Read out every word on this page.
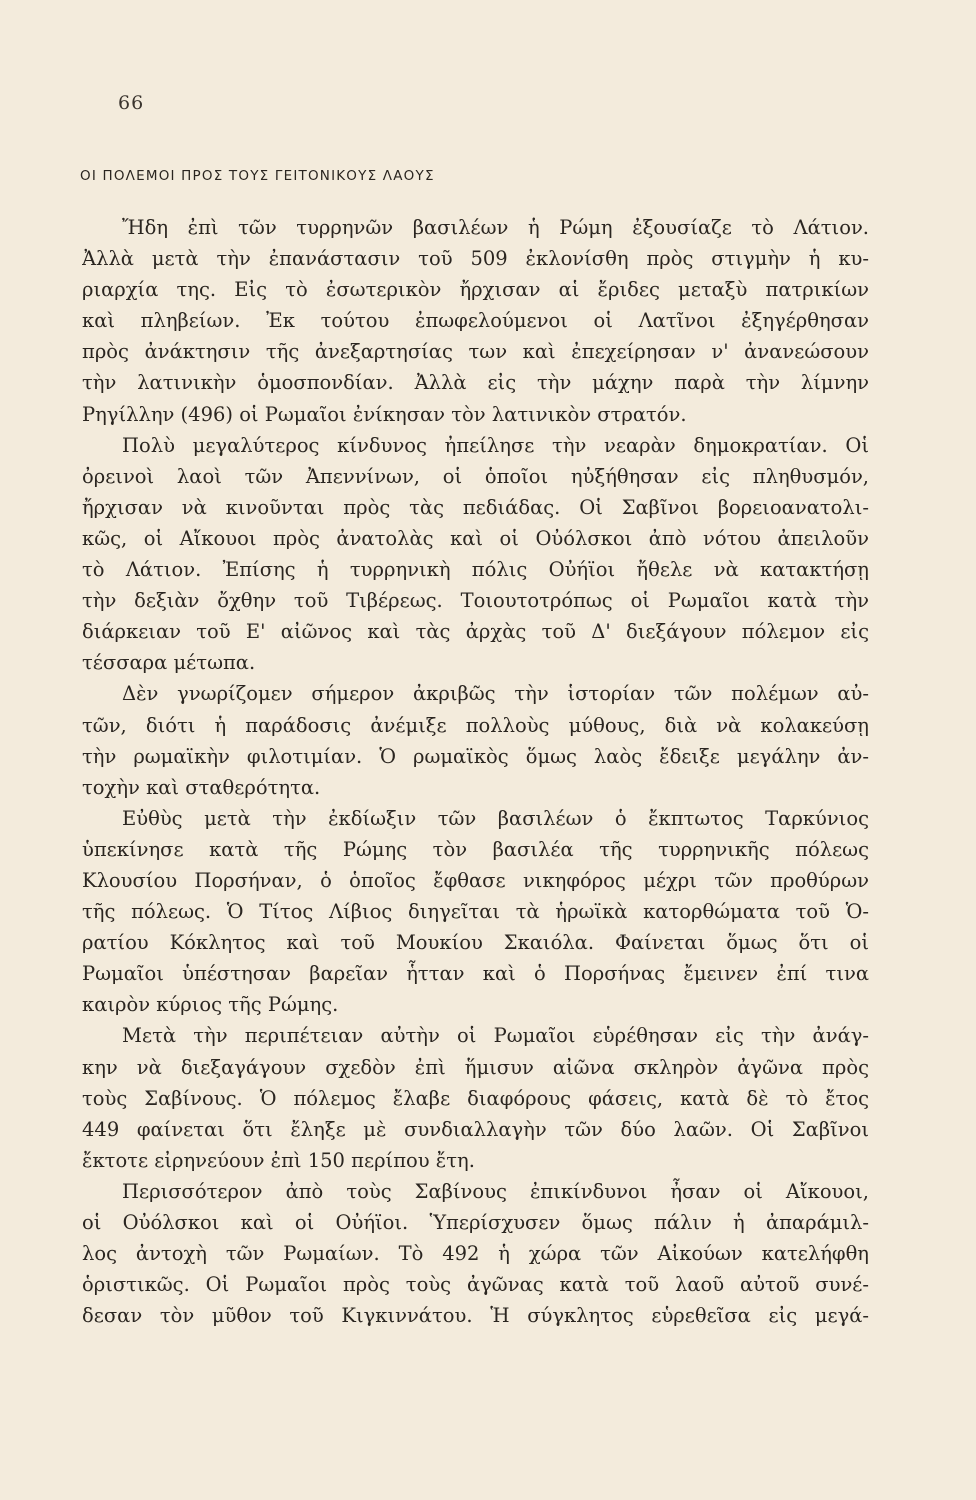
66
ΟΙ ΠΟΛΕΜΟΙ ΠΡΟΣ ΤΟΥΣ ΓΕΙΤΟΝΙΚΟΥΣ ΛΑΟΥΣ
Ἤδη ἐπὶ τῶν τυρρηνῶν βασιλέων ἡ Ρώμη ἐξουσίαζε τὸ Λάτιον.
Ἀλλὰ μετὰ τὴν ἐπανάστασιν τοῦ 509 ἐκλονίσθη πρὸς στιγμὴν ἡ κυ-
ριαρχία της. Εἰς τὸ ἐσωτερικὸν ἤρχισαν αἱ ἔριδες μεταξὺ πατρικίων
καὶ πληβείων. Ἐκ τούτου ἐπωφελούμενοι οἱ Λατῖνοι ἐξηγέρθησαν
πρὸς ἀνάκτησιν τῆς ἀνεξαρτησίας των καὶ ἐπεχείρησαν ν' ἀνανεώσουν
τὴν λατινικὴν ὁμοσπονδίαν. Ἀλλὰ εἰς τὴν μάχην παρὰ τὴν λίμνην
Ρηγίλλην (496) οἱ Ρωμαῖοι ἐνίκησαν τὸν λατινικὸν στρατόν.
Πολὺ μεγαλύτερος κίνδυνος ἠπείλησε τὴν νεαρὰν δημοκρατίαν. Οἱ
ὀρεινοὶ λαοὶ τῶν Ἀπεννίνων, οἱ ὁποῖοι ηὐξήθησαν εἰς πληθυσμόν,
ἤρχισαν νὰ κινοῦνται πρὸς τὰς πεδιάδας. Οἱ Σαβῖνοι βορειοανατολι-
κῶς, οἱ Αἴκουοι πρὸς ἀνατολὰς καὶ οἱ Οὐόλσκοι ἀπὸ νότου ἀπειλοῦν
τὸ Λάτιον. Ἐπίσης ἡ τυρρηνικὴ πόλις Οὐήϊοι ἤθελε νὰ κατακτήσῃ
τὴν δεξιὰν ὄχθην τοῦ Τιβέρεως. Τοιουτοτρόπως οἱ Ρωμαῖοι κατὰ τὴν
διάρκειαν τοῦ Ε' αἰῶνος καὶ τὰς ἀρχὰς τοῦ Δ' διεξάγουν πόλεμον εἰς
τέσσαρα μέτωπα.
Δὲν γνωρίζομεν σήμερον ἀκριβῶς τὴν ἱστορίαν τῶν πολέμων αὐ-
τῶν, διότι ἡ παράδοσις ἀνέμιξε πολλοὺς μύθους, διὰ νὰ κολακεύσῃ
τὴν ρωμαϊκὴν φιλοτιμίαν. Ὁ ρωμαϊκὸς ὅμως λαὸς ἔδειξε μεγάλην ἀν-
τοχὴν καὶ σταθερότητα.
Εὐθὺς μετὰ τὴν ἐκδίωξιν τῶν βασιλέων ὁ ἔκπτωτος Ταρκύνιος
ὑπεκίνησε κατὰ τῆς Ρώμης τὸν βασιλέα τῆς τυρρηνικῆς πόλεως
Κλουσίου Πορσήναν, ὁ ὁποῖος ἔφθασε νικηφόρος μέχρι τῶν προθύρων
τῆς πόλεως. Ὁ Τίτος Λίβιος διηγεῖται τὰ ἡρωϊκὰ κατορθώματα τοῦ Ὁ-
ρατίου Κόκλητος καὶ τοῦ Μουκίου Σκαιόλα. Φαίνεται ὅμως ὅτι οἱ
Ρωμαῖοι ὑπέστησαν βαρεῖαν ἧτταν καὶ ὁ Πορσήνας ἔμεινεν ἐπί τινα
καιρὸν κύριος τῆς Ρώμης.
Μετὰ τὴν περιπέτειαν αὐτὴν οἱ Ρωμαῖοι εὑρέθησαν εἰς τὴν ἀνάγ-
κην νὰ διεξαγάγουν σχεδὸν ἐπὶ ἥμισυν αἰῶνα σκληρὸν ἀγῶνα πρὸς
τοὺς Σαβίνους. Ὁ πόλεμος ἔλαβε διαφόρους φάσεις, κατὰ δὲ τὸ ἔτος
449 φαίνεται ὅτι ἔληξε μὲ συνδιαλλαγὴν τῶν δύο λαῶν. Οἱ Σαβῖνοι
ἔκτοτε εἰρηνεύουν ἐπὶ 150 περίπου ἔτη.
Περισσότερον ἀπὸ τοὺς Σαβίνους ἐπικίνδυνοι ἦσαν οἱ Αἴκουοι,
οἱ Οὐόλσκοι καὶ οἱ Οὐήϊοι. Ὑπερίσχυσεν ὅμως πάλιν ἡ ἀπαράμιλ-
λος ἀντοχὴ τῶν Ρωμαίων. Τὸ 492 ἡ χώρα τῶν Αἰκούων κατελήφθη
ὁριστικῶς. Οἱ Ρωμαῖοι πρὸς τοὺς ἀγῶνας κατὰ τοῦ λαοῦ αὐτοῦ συνέ-
δεσαν τὸν μῦθον τοῦ Κιγκιννάτου. Ἡ σύγκλητος εὑρεθεῖσα εἰς μεγά-
